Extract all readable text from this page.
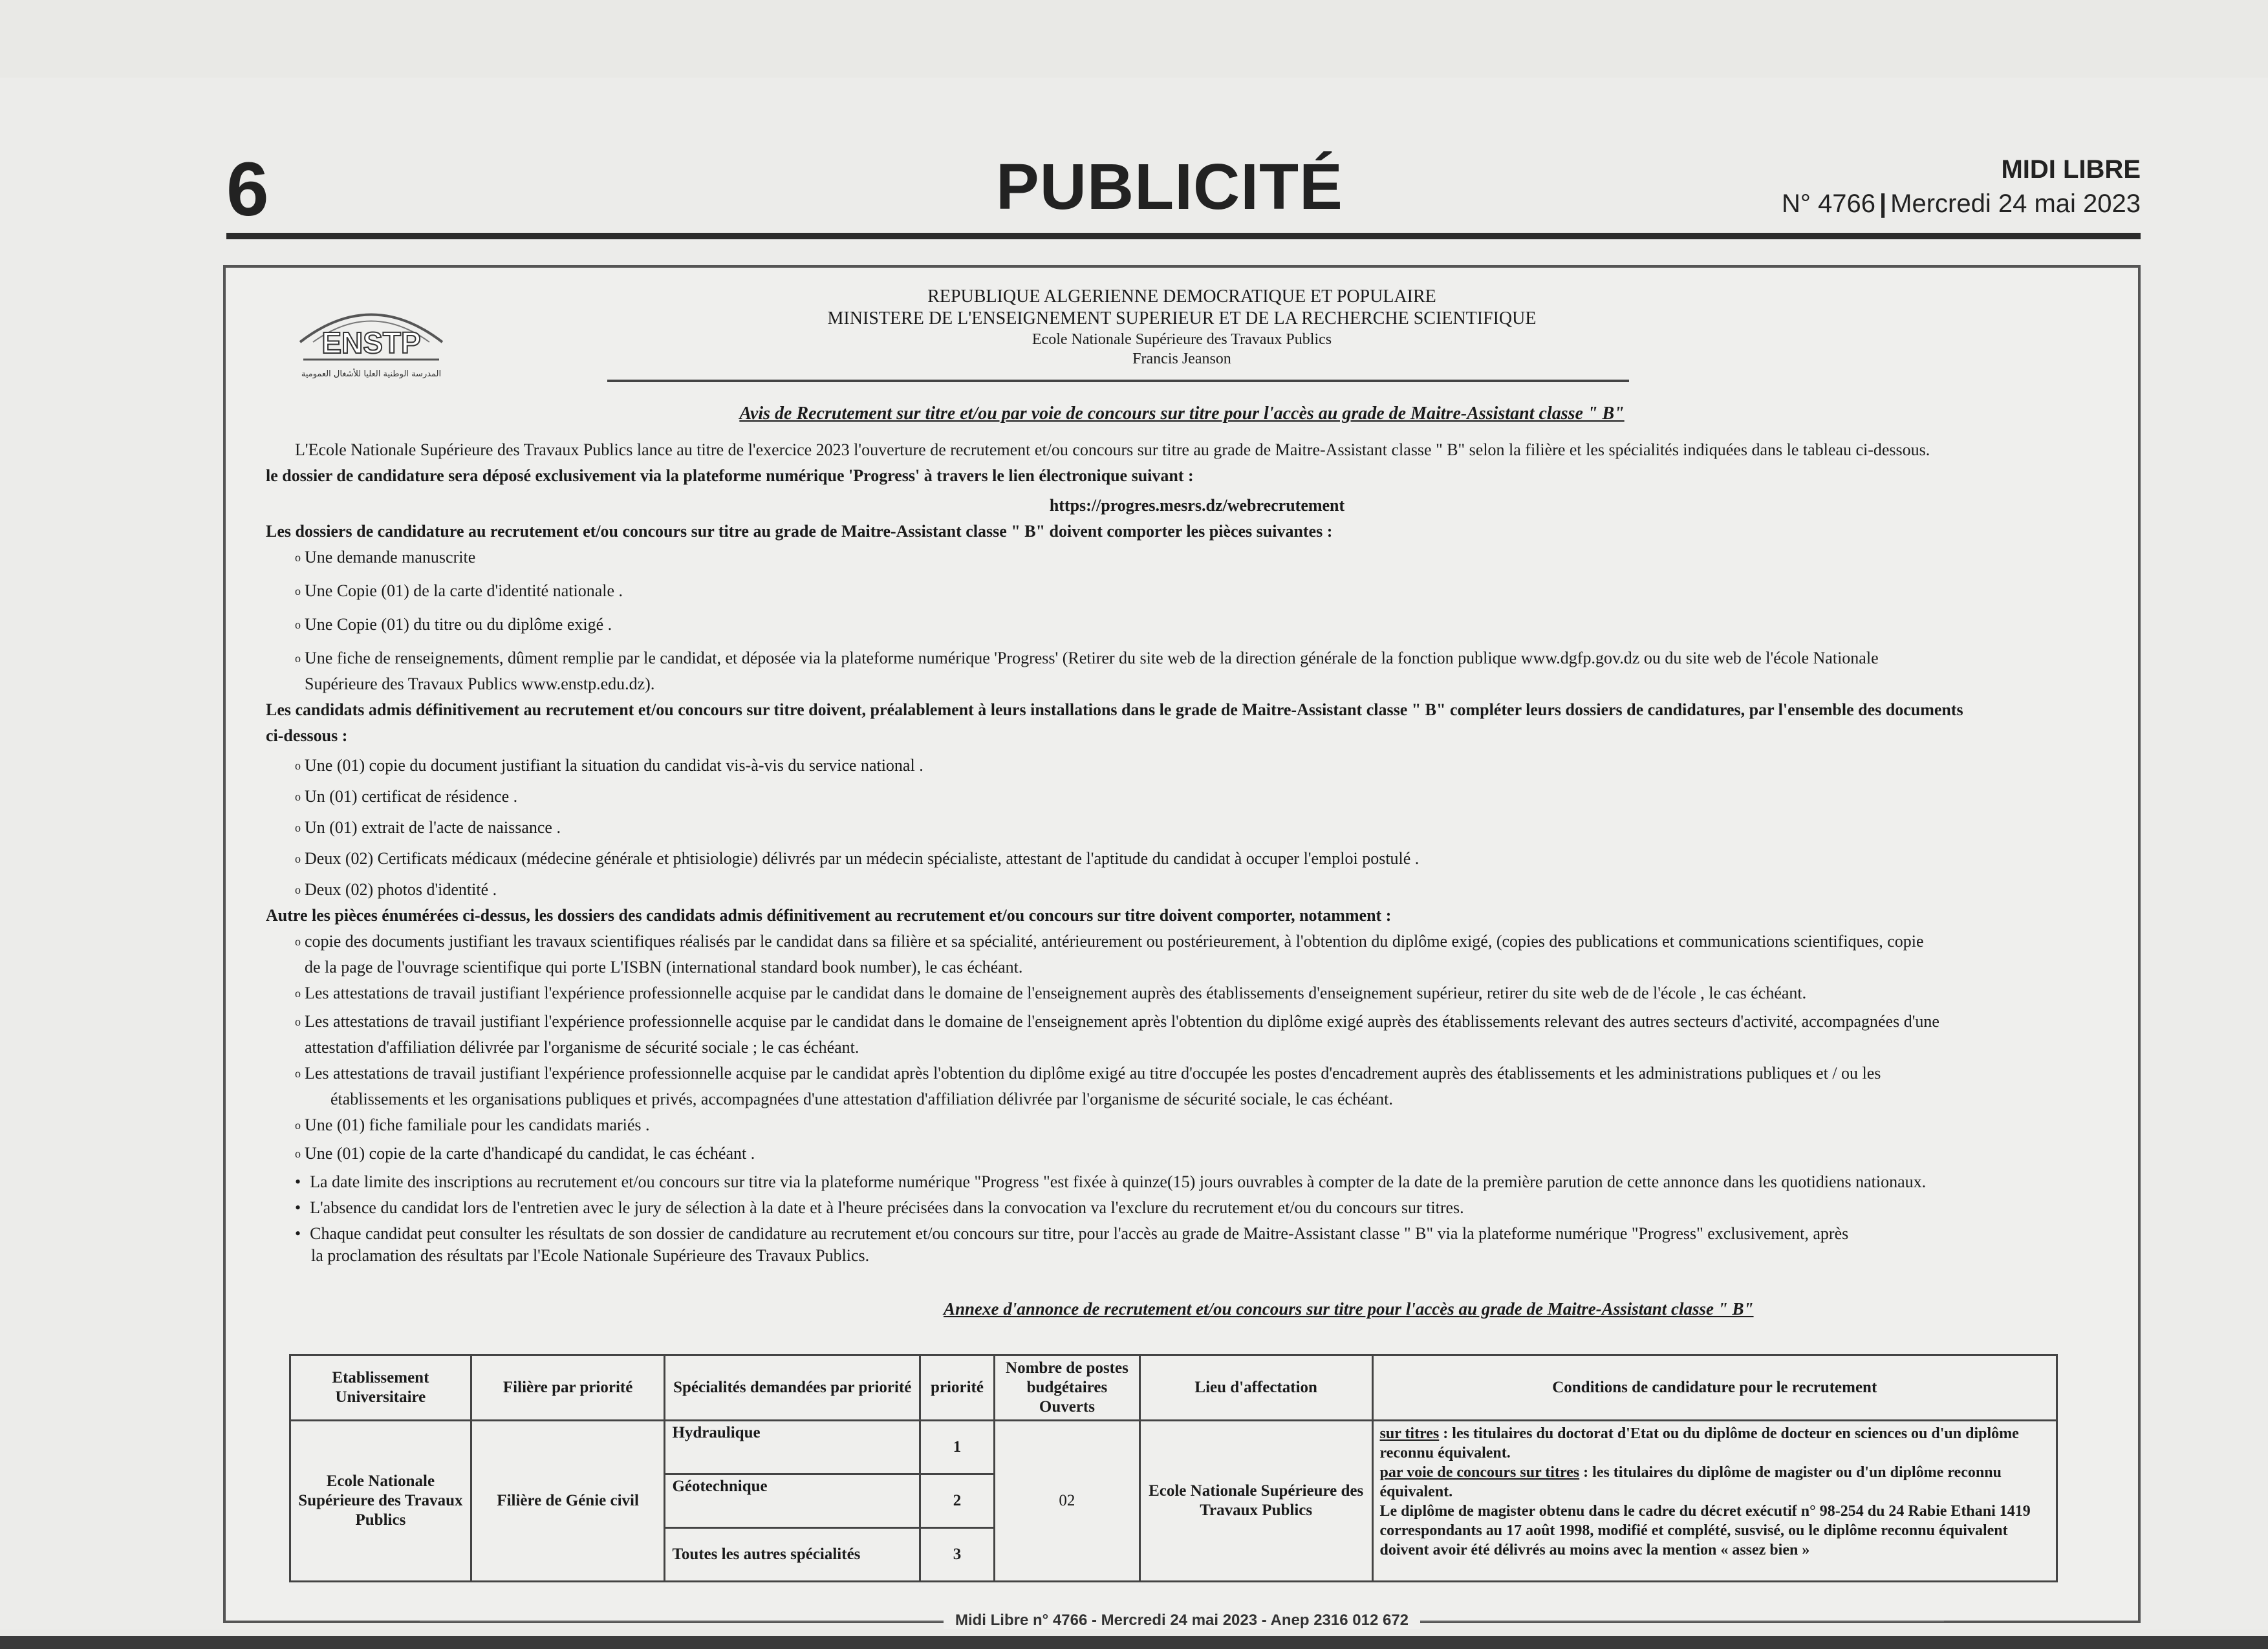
6	PUBLICITÉ	MIDI LIBRE
N° 4766 | Mercredi 24 mai 2023
ENSTP
المدرسة الوطنية العليا للأشغال العمومية
REPUBLIQUE ALGERIENNE DEMOCRATIQUE ET POPULAIRE
MINISTERE DE L'ENSEIGNEMENT SUPERIEUR ET DE LA RECHERCHE SCIENTIFIQUE
Ecole Nationale Supérieure des Travaux Publics
Francis Jeanson
Avis de Recrutement sur titre et/ou par voie de concours sur titre pour l'accès au grade de Maitre-Assistant classe " B"

L'Ecole Nationale Supérieure des Travaux Publics lance au titre de l'exercice 2023 l'ouverture de recrutement et/ou concours sur titre au grade de Maitre-Assistant classe " B" selon la filière et les spécialités indiquées dans le tableau ci-dessous.

le dossier de candidature sera déposé exclusivement via la plateforme numérique 'Progress' à travers le lien électronique suivant :

https://progres.mesrs.dz/webrecrutement

Les dossiers de candidature au recrutement et/ou concours sur titre au grade de Maitre-Assistant classe " B" doivent comporter les pièces suivantes :

$^o$ Une demande manuscrite

$^o$ Une Copie (01) de la carte d'identité nationale .

$^o$ Une Copie (01) du titre ou du diplôme exigé .

$^o$ Une fiche de renseignements, dûment remplie par le candidat, et déposée via la plateforme numérique 'Progress' (Retirer du site web de la direction générale de la fonction publique www.dgfp.gov.dz ou du site web de l'école Nationale

Supérieure des Travaux Publics www.enstp.edu.dz).

Les candidats admis définitivement au recrutement et/ou concours sur titre doivent, préalablement à leurs installations dans le grade de Maitre-Assistant classe " B" compléter leurs dossiers de candidatures, par l'ensemble des documents

ci-dessous :

$^o$ Une (01) copie du document justifiant la situation du candidat vis-à-vis du service national .

$^o$ Un (01) certificat de résidence .

$^o$ Un (01) extrait de l'acte de naissance .

$^o$ Deux (02) Certificats médicaux (médecine générale et phtisiologie) délivrés par un médecin spécialiste, attestant de l'aptitude du candidat à occuper l'emploi postulé .

$^o$ Deux (02) photos d'identité .

Autre les pièces énumérées ci-dessus, les dossiers des candidats admis définitivement au recrutement et/ou concours sur titre doivent comporter, notamment :

$^o$ copie des documents justifiant les travaux scientifiques réalisés par le candidat dans sa filière et sa spécialité, antérieurement ou postérieurement, à l'obtention du diplôme exigé, (copies des publications et communications scientifiques, copie

de la page de l'ouvrage scientifique qui porte L'ISBN (international standard book number), le cas échéant.

$^o$ Les attestations de travail justifiant l'expérience professionnelle acquise par le candidat dans le domaine de l'enseignement auprès des établissements d'enseignement supérieur, retirer du site web de de l'école , le cas échéant.

$^o$ Les attestations de travail justifiant l'expérience professionnelle acquise par le candidat dans le domaine de l'enseignement après l'obtention du diplôme exigé auprès des établissements relevant des autres secteurs d'activité, accompagnées d'une

attestation d'affiliation délivrée par l'organisme de sécurité sociale ; le cas échéant.

$^o$ Les attestations de travail justifiant l'expérience professionnelle acquise par le candidat après l'obtention du diplôme exigé au titre d'occupée les postes d'encadrement auprès des établissements et les administrations publiques et / ou les

établissements et les organisations publiques et privés, accompagnées d'une attestation d'affiliation délivrée par l'organisme de sécurité sociale, le cas échéant.

$^o$ Une (01) fiche familiale pour les candidats mariés .

$^o$ Une (01) copie de la carte d'handicapé du candidat, le cas échéant .

• La date limite des inscriptions au recrutement et/ou concours sur titre via la plateforme numérique "Progress "est fixée à quinze(15) jours ouvrables à compter de la date de la première parution de cette annonce dans les quotidiens nationaux.

• L'absence du candidat lors de l'entretien avec le jury de sélection à la date et à l'heure précisées dans la convocation va l'exclure du recrutement et/ou du concours sur titres.

• Chaque candidat peut consulter les résultats de son dossier de candidature au recrutement et/ou concours sur titre, pour l'accès au grade de Maitre-Assistant classe " B" via la plateforme numérique "Progress" exclusivement, après

la proclamation des résultats par l'Ecole Nationale Supérieure des Travaux Publics.

Annexe d'annonce de recrutement et/ou concours sur titre pour l'accès au grade de Maitre-Assistant classe " B"
Etablissement Universitaire	Filière par priorité	Spécialités demandées par priorité	priorité	Nombre de postes budgétaires Ouverts	Lieu d'affectation	Conditions de candidature pour le recrutement
Ecole Nationale Supérieure des Travaux Publics	Filière de Génie civil	Hydraulique	1	02	Ecole Nationale Supérieure des Travaux Publics	sur titres : les titulaires du doctorat d'Etat ou du diplôme de docteur en sciences ou d'un diplôme reconnu équivalent.
par voie de concours sur titres : les titulaires du diplôme de magister ou d'un diplôme reconnu équivalent.
Le diplôme de magister obtenu dans le cadre du décret exécutif n° 98-254 du 24 Rabie Ethani 1419 correspondants au 17 août 1998, modifié et complété, susvisé, ou le diplôme reconnu équivalent doivent avoir été délivrés au moins avec la mention « assez bien »

		Géotechnique	2			
		Toutes les autres spécialités	3			
Midi Libre n° 4766 - Mercredi 24 mai 2023 - Anep 2316 012 672
